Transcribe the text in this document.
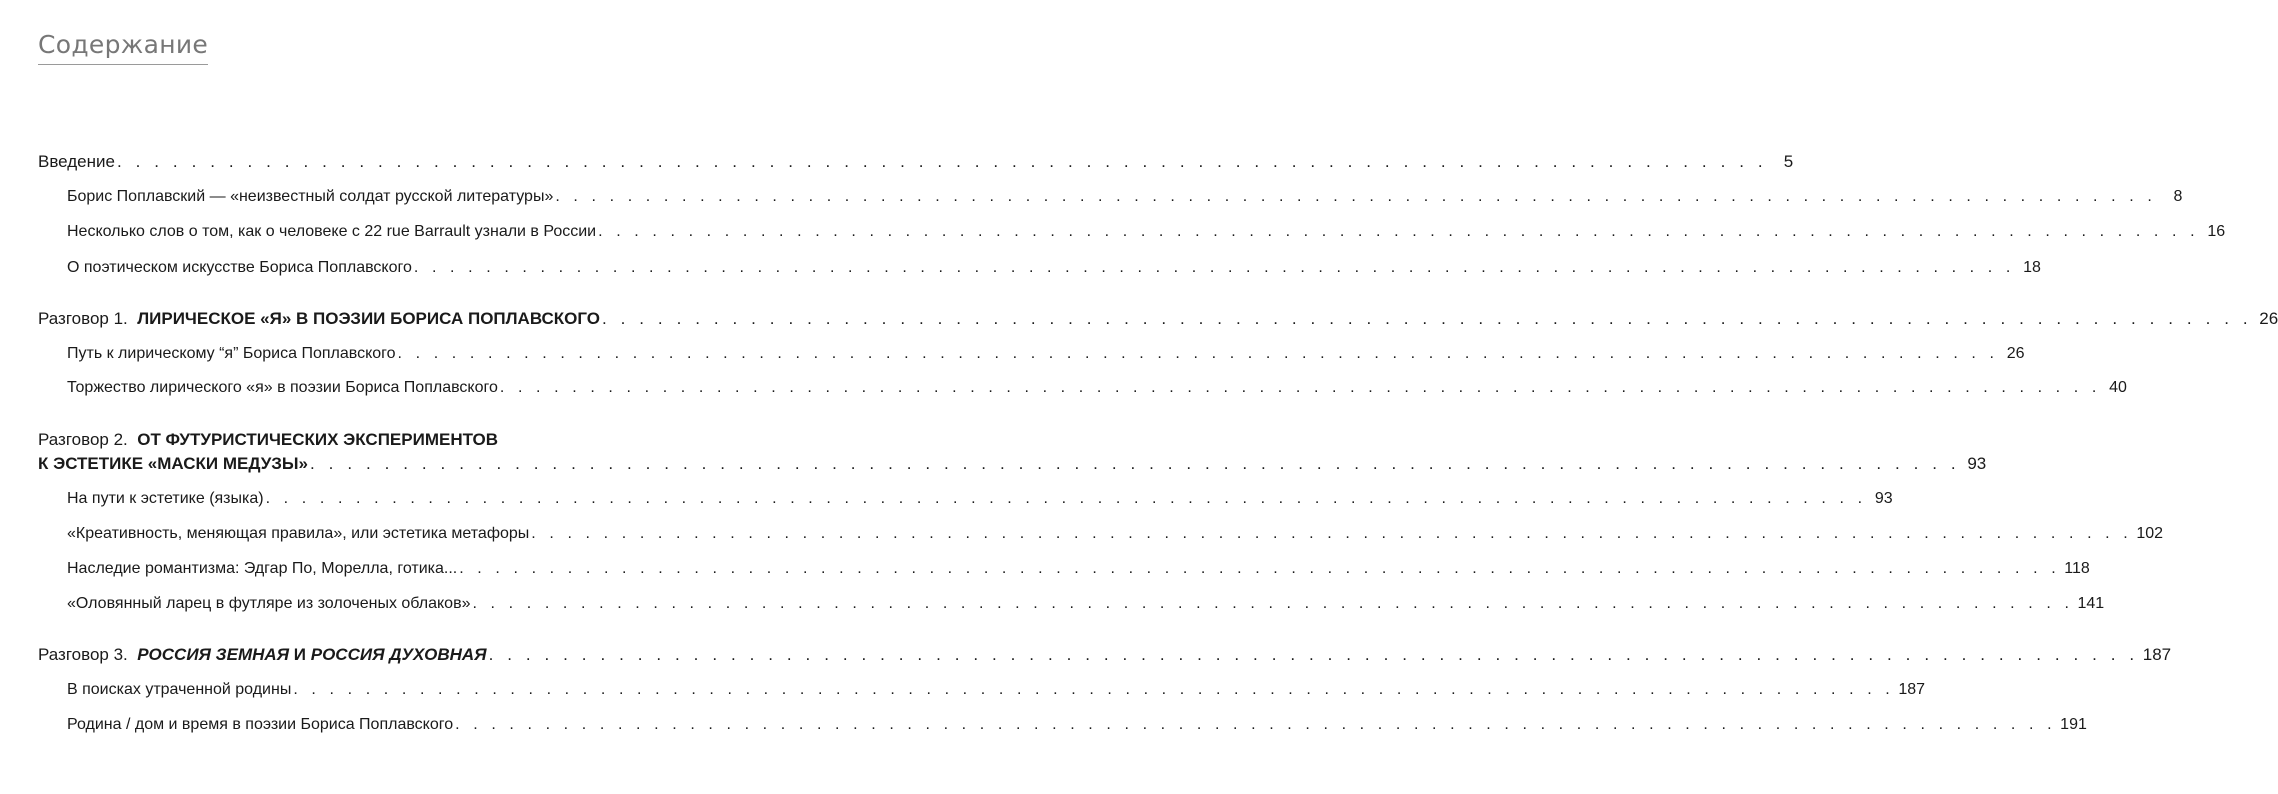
Содержание
Введение . . . . . . . . . . . . . . . . . . . . . . . . . . . . . . . . . . . . . . . . . . . . . . . . . . . . . . . . . . . . . . . . . . . . . . . . . . . . . . . . . . . . . . . . . 5
Борис Поплавский — «неизвестный солдат русской литературы» . . . . . . . . . . . . . . . . . . . . . . . . . . . . . . . . . . . . . . . . . . . . . . . . . . . . . . . . . . . . . . . . . . . . . . . . . . . . . . . . . . . . . . . . .	8
Несколько слов о том, как о человеке с 22 rue Barrault узнали в России . . . . . . . . . . . . . . . . . . . . . . . . . . . . . . . . . . . . . . . . . . . . . . . . . . . . . . . . . . . . . . . . . . . . . . . . . . . . . . . . . . . . . . . . . 16
О поэтическом искусстве Бориса Поплавского . . . . . . . . . . . . . . . . . . . . . . . . . . . . . . . . . . . . . . . . . . . . . . . . . . . . . . . . . . . . . . . . . . . . . . . . . . . . . . . . . . . . . . . . . 18
Разговор 1. ЛИРИЧЕСКОЕ «Я» В ПОЭЗИИ БОРИСА ПОПЛАВСКОГО . . . . . . . . . . . . . . . . . . . . . . . . . . . . . . . . . . . . . . . . . . . . . . . . . . . . . . . . . . . . . . . . . . . . . . . . . . . . . . . . . . . . . . . . . 26
Путь к лирическому “я” Бориса Поплавского . . . . . . . . . . . . . . . . . . . . . . . . . . . . . . . . . . . . . . . . . . . . . . . . . . . . . . . . . . . . . . . . . . . . . . . . . . . . . . . . . . . . . . . . . 26
Торжество лирического «я» в поэзии Бориса Поплавского . . . . . . . . . . . . . . . . . . . . . . . . . . . . . . . . . . . . . . . . . . . . . . . . . . . . . . . . . . . . . . . . . . . . . . . . . . . . . . . . . . . . . . . . . 40
Разговор 2. ОТ ФУТУРИСТИЧЕСКИХ ЭКСПЕРИМЕНТОВ
К ЭСТЕТИКЕ «МАСКИ МЕДУЗЫ» . . . . . . . . . . . . . . . . . . . . . . . . . . . . . . . . . . . . . . . . . . . . . . . . . . . . . . . . . . . . . . . . . . . . . . . . . . . . . . . . . . . . . . . . . 93
На пути к эстетике (языка) . . . . . . . . . . . . . . . . . . . . . . . . . . . . . . . . . . . . . . . . . . . . . . . . . . . . . . . . . . . . . . . . . . . . . . . . . . . . . . . . . . . . . . . . . 93
«Креативность, меняющая правила», или эстетика метафоры . . . . . . . . . . . . . . . . . . . . . . . . . . . . . . . . . . . . . . . . . . . . . . . . . . . . . . . . . . . . . . . . . . . . . . . . . . . . . . . . . . . . . . . . . 102
Наследие романтизма: Эдгар По, Морелла, готика... . . . . . . . . . . . . . . . . . . . . . . . . . . . . . . . . . . . . . . . . . . . . . . . . . . . . . . . . . . . . . . . . . . . . . . . . . . . . . . . . . . . . . . . . . 118
«Оловянный ларец в футляре из золоченых облаков» . . . . . . . . . . . . . . . . . . . . . . . . . . . . . . . . . . . . . . . . . . . . . . . . . . . . . . . . . . . . . . . . . . . . . . . . . . . . . . . . . . . . . . . . . 141
Разговор 3. РОССИЯ ЗЕМНАЯ И РОССИЯ ДУХОВНАЯ . . . . . . . . . . . . . . . . . . . . . . . . . . . . . . . . . . . . . . . . . . . . . . . . . . . . . . . . . . . . . . . . . . . . . . . . . . . . . . . . . . . . . . . . . 187
В поисках утраченной родины . . . . . . . . . . . . . . . . . . . . . . . . . . . . . . . . . . . . . . . . . . . . . . . . . . . . . . . . . . . . . . . . . . . . . . . . . . . . . . . . . . . . . . . . . 187
Родина / дом и время в поэзии Бориса Поплавского . . . . . . . . . . . . . . . . . . . . . . . . . . . . . . . . . . . . . . . . . . . . . . . . . . . . . . . . . . . . . . . . . . . . . . . . . . . . . . . . . . . . . . . . . 191
